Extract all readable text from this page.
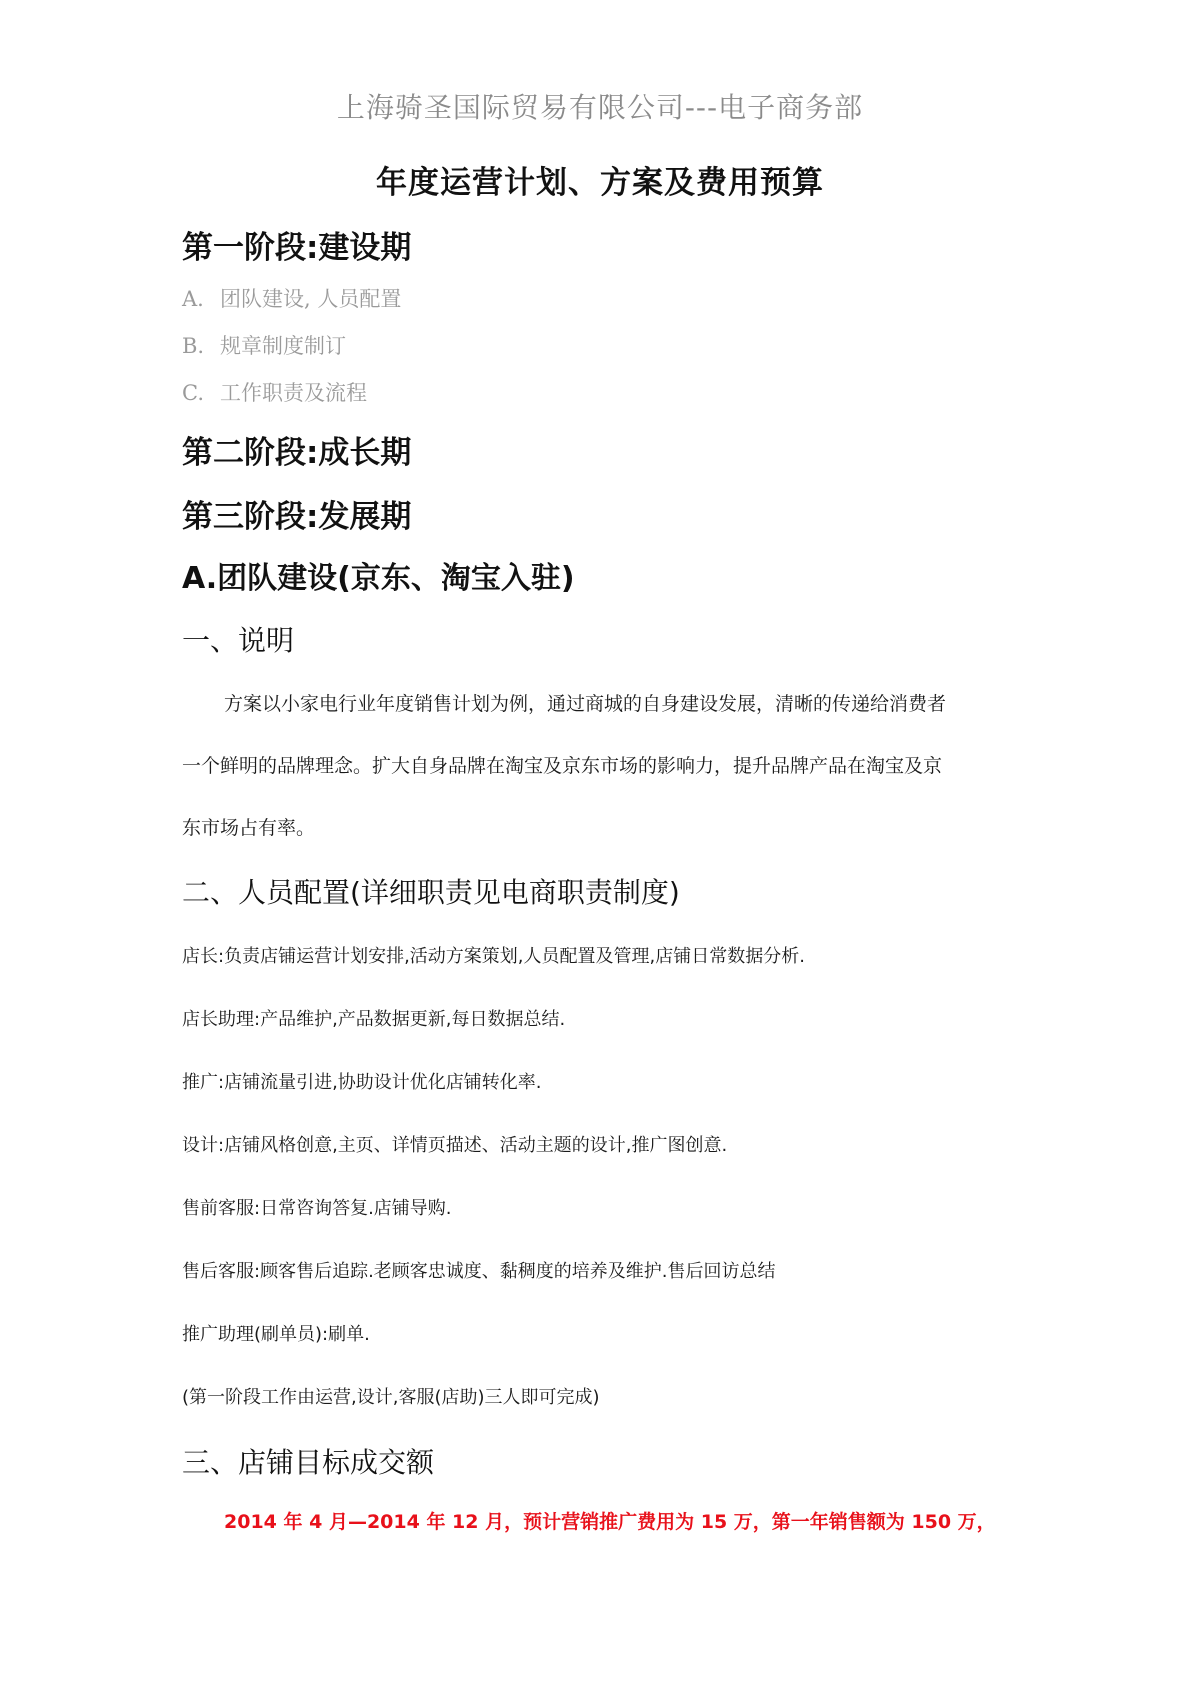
上海骑圣国际贸易有限公司---电子商务部
年度运营计划、方案及费用预算
第一阶段:建设期
A. 团队建设, 人员配置
B. 规章制度制订
C. 工作职责及流程
第二阶段:成长期
第三阶段:发展期
A.团队建设(京东、淘宝入驻)
一、说明
方案以小家电行业年度销售计划为例，通过商城的自身建设发展，清晰的传递给消费者
一个鲜明的品牌理念。扩大自身品牌在淘宝及京东市场的影响力，提升品牌产品在淘宝及京
东市场占有率。
二、人员配置(详细职责见电商职责制度)
店长:负责店铺运营计划安排,活动方案策划,人员配置及管理,店铺日常数据分析.
店长助理:产品维护,产品数据更新,每日数据总结.
推广:店铺流量引进,协助设计优化店铺转化率.
设计:店铺风格创意,主页、详情页描述、活动主题的设计,推广图创意.
售前客服:日常咨询答复.店铺导购.
售后客服:顾客售后追踪.老顾客忠诚度、黏稠度的培养及维护.售后回访总结
推广助理(刷单员):刷单.
(第一阶段工作由运营,设计,客服(店助)三人即可完成)
三、店铺目标成交额
2014 年 4 月—2014 年 12 月，预计营销推广费用为 15 万，第一年销售额为 150 万，
